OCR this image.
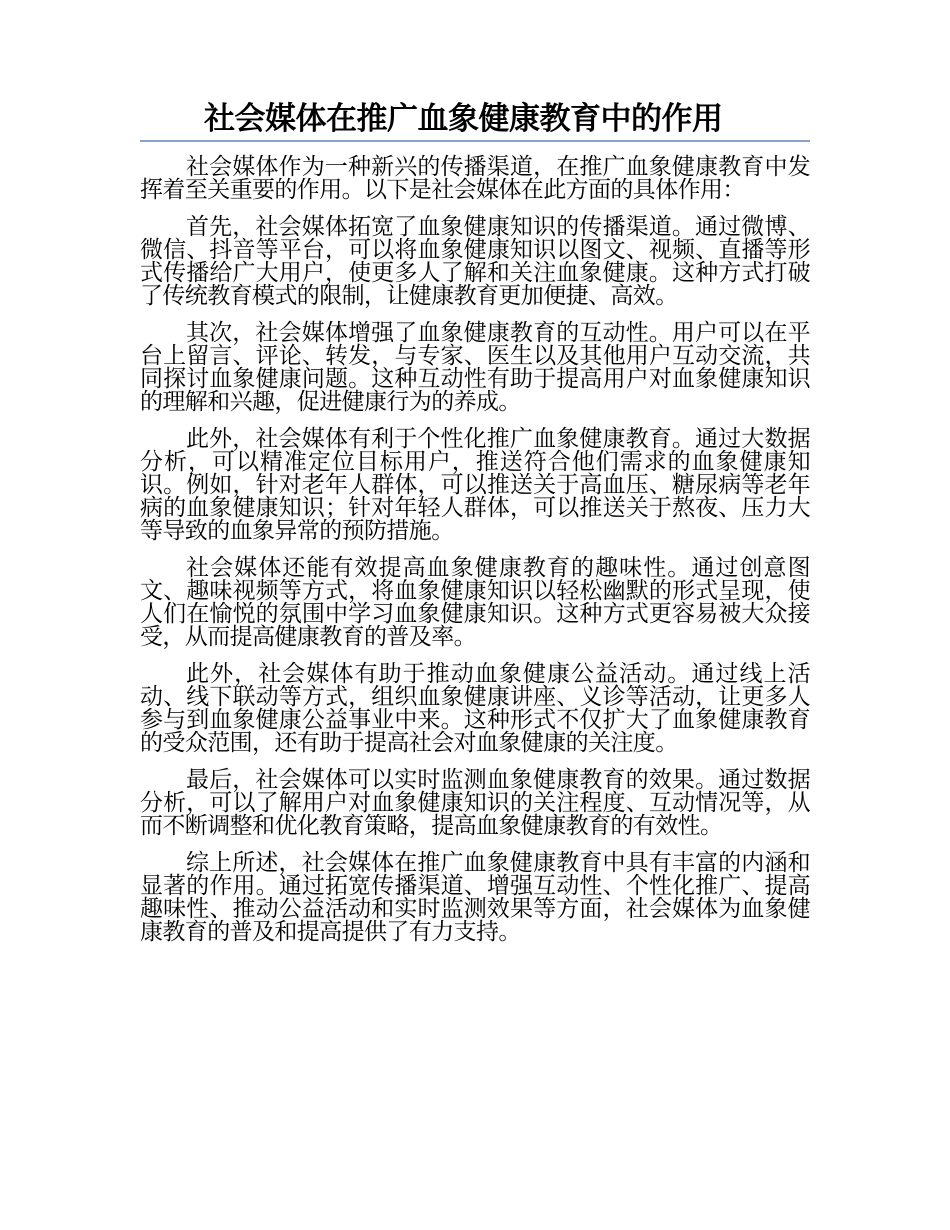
社会媒体在推广血象健康教育中的作用

社会媒体作为一种新兴的传播渠道，在推广血象健康教育中发挥着至关重要的作用。以下是社会媒体在此方面的具体作用：

首先，社会媒体拓宽了血象健康知识的传播渠道。通过微博、微信、抖音等平台，可以将血象健康知识以图文、视频、直播等形式传播给广大用户，使更多人了解和关注血象健康。这种方式打破了传统教育模式的限制，让健康教育更加便捷、高效。

其次，社会媒体增强了血象健康教育的互动性。用户可以在平台上留言、评论、转发，与专家、医生以及其他用户互动交流，共同探讨血象健康问题。这种互动性有助于提高用户对血象健康知识的理解和兴趣，促进健康行为的养成。

此外，社会媒体有利于个性化推广血象健康教育。通过大数据分析，可以精准定位目标用户，推送符合他们需求的血象健康知识。例如，针对老年人群体，可以推送关于高血压、糖尿病等老年病的血象健康知识；针对年轻人群体，可以推送关于熬夜、压力大等导致的血象异常的预防措施。

社会媒体还能有效提高血象健康教育的趣味性。通过创意图文、趣味视频等方式，将血象健康知识以轻松幽默的形式呈现，使人们在愉悦的氛围中学习血象健康知识。这种方式更容易被大众接受，从而提高健康教育的普及率。

此外，社会媒体有助于推动血象健康公益活动。通过线上活动、线下联动等方式，组织血象健康讲座、义诊等活动，让更多人参与到血象健康公益事业中来。这种形式不仅扩大了血象健康教育的受众范围，还有助于提高社会对血象健康的关注度。

最后，社会媒体可以实时监测血象健康教育的效果。通过数据分析，可以了解用户对血象健康知识的关注程度、互动情况等，从而不断调整和优化教育策略，提高血象健康教育的有效性。

综上所述，社会媒体在推广血象健康教育中具有丰富的内涵和显著的作用。通过拓宽传播渠道、增强互动性、个性化推广、提高趣味性、推动公益活动和实时监测效果等方面，社会媒体为血象健康教育的普及和提高提供了有力支持。
